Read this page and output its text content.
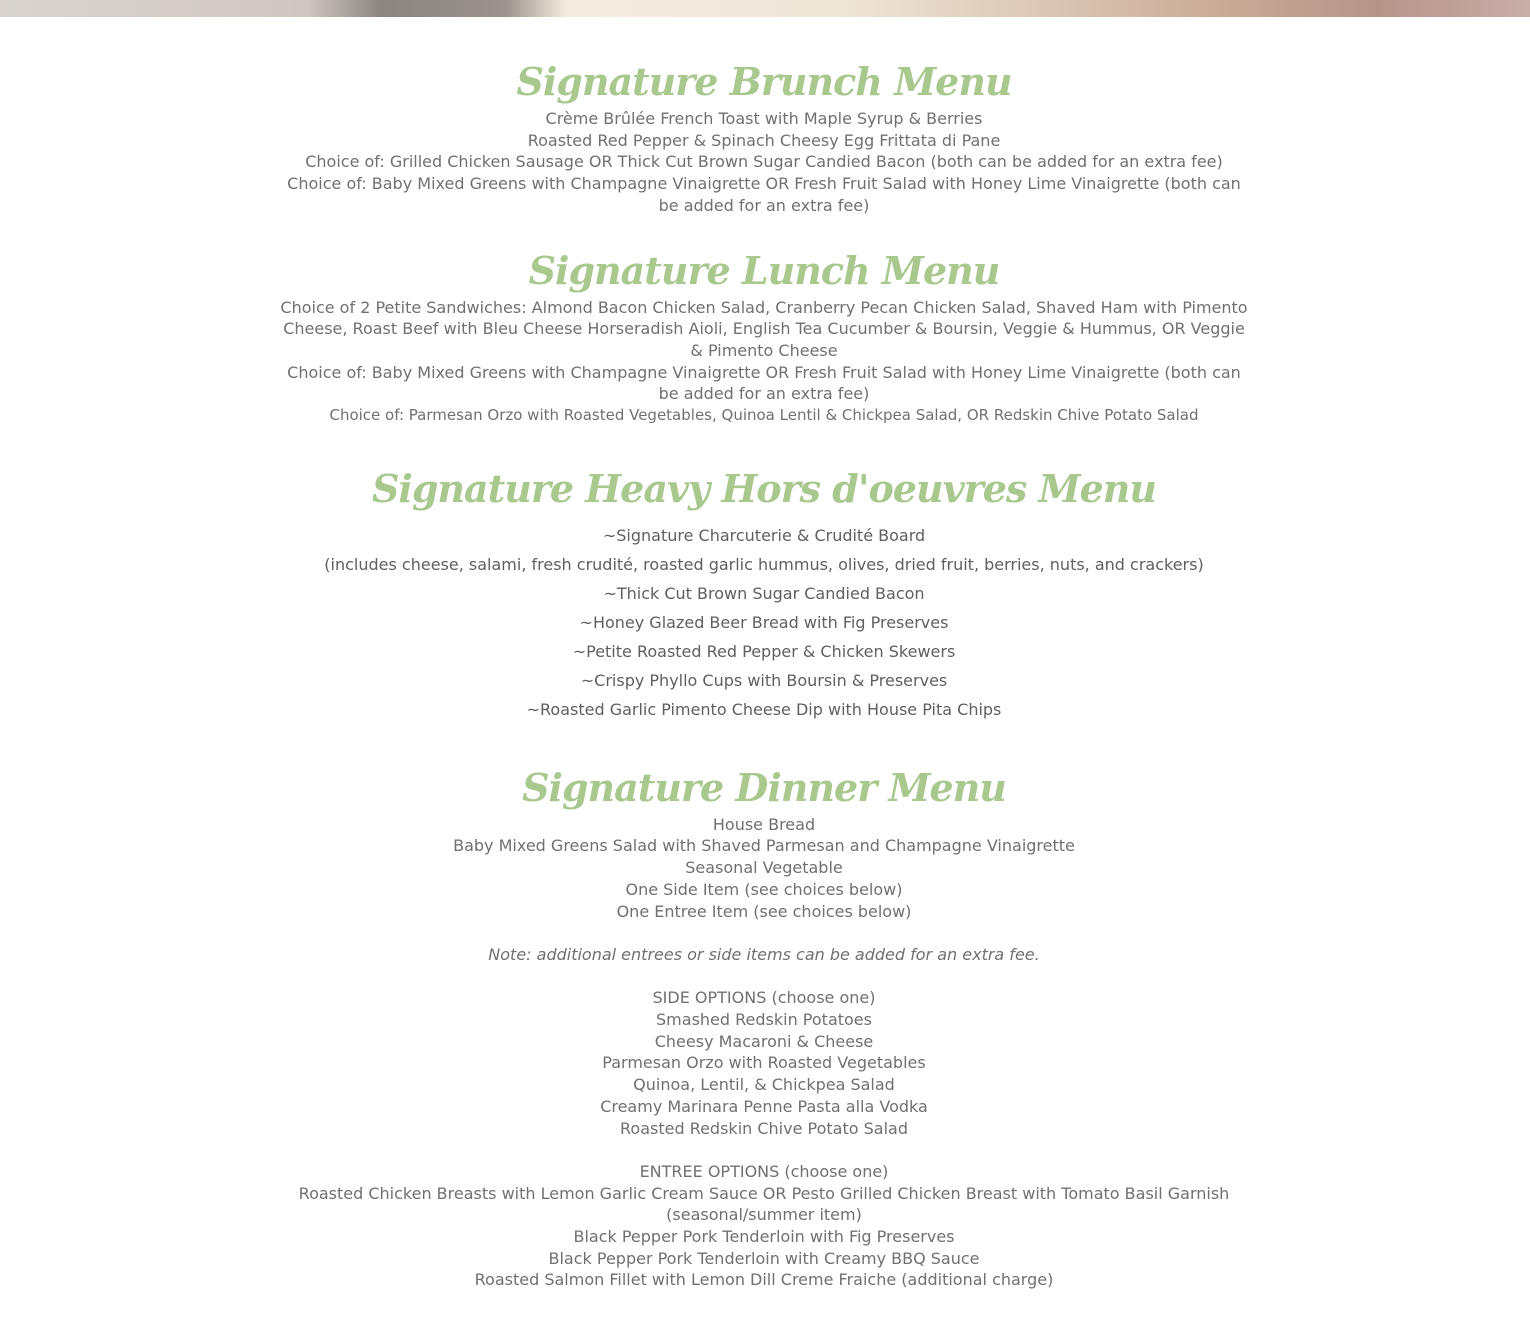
Signature Brunch Menu

Crème Brûlée French Toast with Maple Syrup & Berries

Roasted Red Pepper & Spinach Cheesy Egg Frittata di Pane

Choice of: Grilled Chicken Sausage OR Thick Cut Brown Sugar Candied Bacon (both can be added for an extra fee)

Choice of: Baby Mixed Greens with Champagne Vinaigrette OR Fresh Fruit Salad with Honey Lime Vinaigrette (both can be added for an extra fee)

Signature Lunch Menu

Choice of 2 Petite Sandwiches: Almond Bacon Chicken Salad, Cranberry Pecan Chicken Salad, Shaved Ham with Pimento Cheese, Roast Beef with Bleu Cheese Horseradish Aioli, English Tea Cucumber & Boursin, Veggie & Hummus, OR Veggie & Pimento Cheese

Choice of: Baby Mixed Greens with Champagne Vinaigrette OR Fresh Fruit Salad with Honey Lime Vinaigrette (both can be added for an extra fee)

Choice of: Parmesan Orzo with Roasted Vegetables, Quinoa Lentil & Chickpea Salad, OR Redskin Chive Potato Salad

Signature Heavy Hors d'oeuvres Menu

~Signature Charcuterie & Crudité Board

(includes cheese, salami, fresh crudité, roasted garlic hummus, olives, dried fruit, berries, nuts, and crackers)

~Thick Cut Brown Sugar Candied Bacon

~Honey Glazed Beer Bread with Fig Preserves

~Petite Roasted Red Pepper & Chicken Skewers

~Crispy Phyllo Cups with Boursin & Preserves

~Roasted Garlic Pimento Cheese Dip with House Pita Chips

Signature Dinner Menu

House Bread

Baby Mixed Greens Salad with Shaved Parmesan and Champagne Vinaigrette

Seasonal Vegetable

One Side Item (see choices below)

One Entree Item (see choices below)

Note: additional entrees or side items can be added for an extra fee.

SIDE OPTIONS (choose one)

Smashed Redskin Potatoes

Cheesy Macaroni & Cheese

Parmesan Orzo with Roasted Vegetables

Quinoa, Lentil, & Chickpea Salad

Creamy Marinara Penne Pasta alla Vodka

Roasted Redskin Chive Potato Salad

ENTREE OPTIONS (choose one)

Roasted Chicken Breasts with Lemon Garlic Cream Sauce OR Pesto Grilled Chicken Breast with Tomato Basil Garnish (seasonal/summer item)

Black Pepper Pork Tenderloin with Fig Preserves

Black Pepper Pork Tenderloin with Creamy BBQ Sauce

Roasted Salmon Fillet with Lemon Dill Creme Fraiche (additional charge)
